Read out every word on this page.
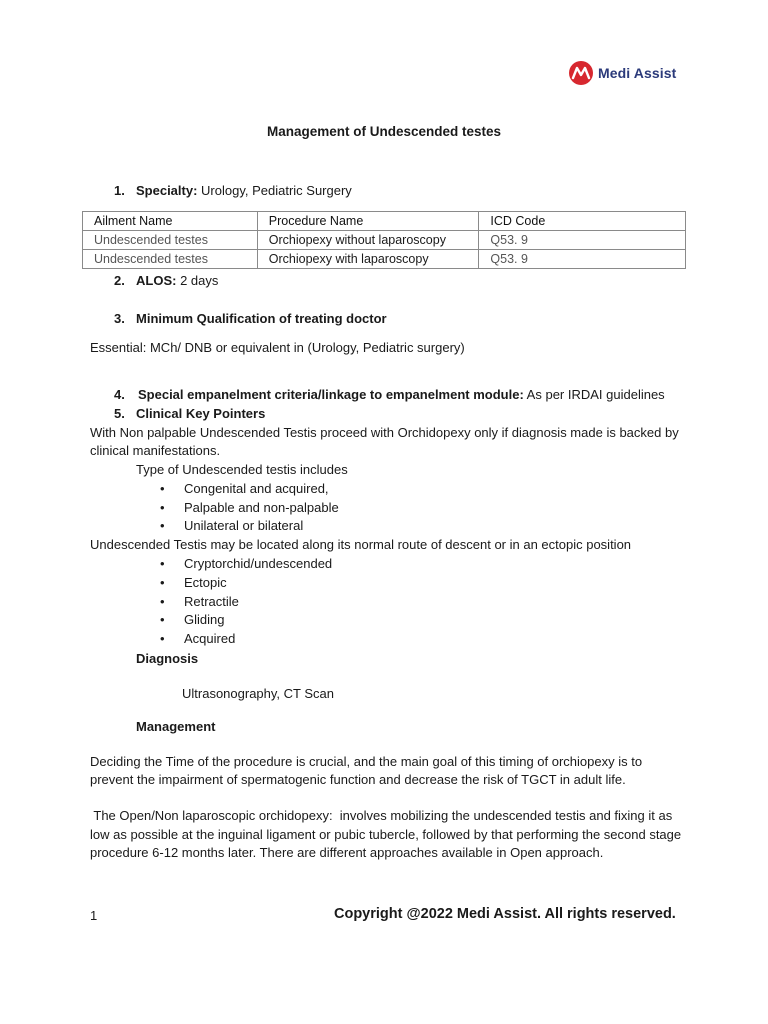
Medi Assist
Management of Undescended testes
1. Specialty: Urology, Pediatric Surgery
Ailment Name	Procedure Name	ICD Code
Undescended testes	Orchiopexy without laparoscopy	Q53. 9
Undescended testes	Orchiopexy with laparoscopy	Q53. 9
2. ALOS: 2 days
3. Minimum Qualification of treating doctor
Essential: MCh/ DNB or equivalent in (Urology, Pediatric surgery)
4. Special empanelment criteria/linkage to empanelment module: As per IRDAI guidelines
5. Clinical Key Pointers
With Non palpable Undescended Testis proceed with Orchidopexy only if diagnosis made is backed by
clinical manifestations.
Type of Undescended testis includes
• Congenital and acquired,
• Palpable and non-palpable
• Unilateral or bilateral
Undescended Testis may be located along its normal route of descent or in an ectopic position
• Cryptorchid/undescended
• Ectopic
• Retractile
• Gliding
• Acquired
Diagnosis
Ultrasonography, CT Scan
Management
Deciding the Time of the procedure is crucial, and the main goal of this timing of orchiopexy is to
prevent the impairment of spermatogenic function and decrease the risk of TGCT in adult life.
The Open/Non laparoscopic orchidopexy:  involves mobilizing the undescended testis and fixing it as
low as possible at the inguinal ligament or pubic tubercle, followed by that performing the second stage
procedure 6-12 months later. There are different approaches available in Open approach.
1	Copyright @2022 Medi Assist. All rights reserved.
